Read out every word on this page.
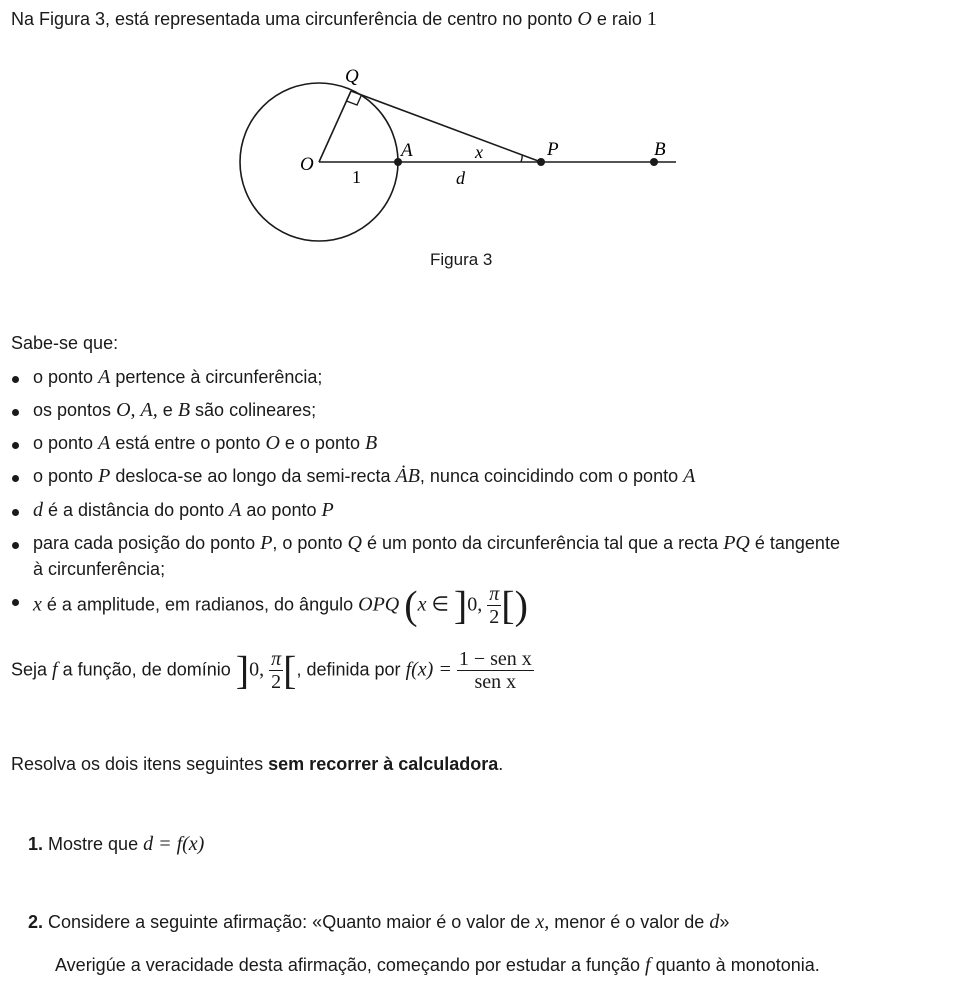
Na Figura 3, está representada uma circunferência de centro no ponto O e raio 1
O
A	P	B
Q
x
1	d
Figura 3
Sabe-se que:
o ponto A pertence à circunferência;
os pontos O, A, e B são colineares;
o ponto A está entre o ponto O e o ponto B
o ponto P desloca-se ao longo da semi-recta ȦB, nunca coincidindo com o ponto A
d é a distância do ponto A ao ponto P
para cada posição do ponto P, o ponto Q é um ponto da circunferência tal que a recta PQ é tangente
à circunferência;
x é a amplitude, em radianos, do ângulo OPQ (x ∈ ]0, $\frac{\pi}{2}$ [)
Seja f a função, de domínio ]0, $\frac{\pi}{2}$ [, definida por $f(x) = \frac{\text{1 − sen x}}{\text{sen x}}$
Resolva os dois itens seguintes sem recorrer à calculadora.
1. Mostre que d = f(x)
2. Considere a seguinte afirmação: «Quanto maior é o valor de x, menor é o valor de d»
Averigúe a veracidade desta afirmação, começando por estudar a função f quanto à monotonia.
